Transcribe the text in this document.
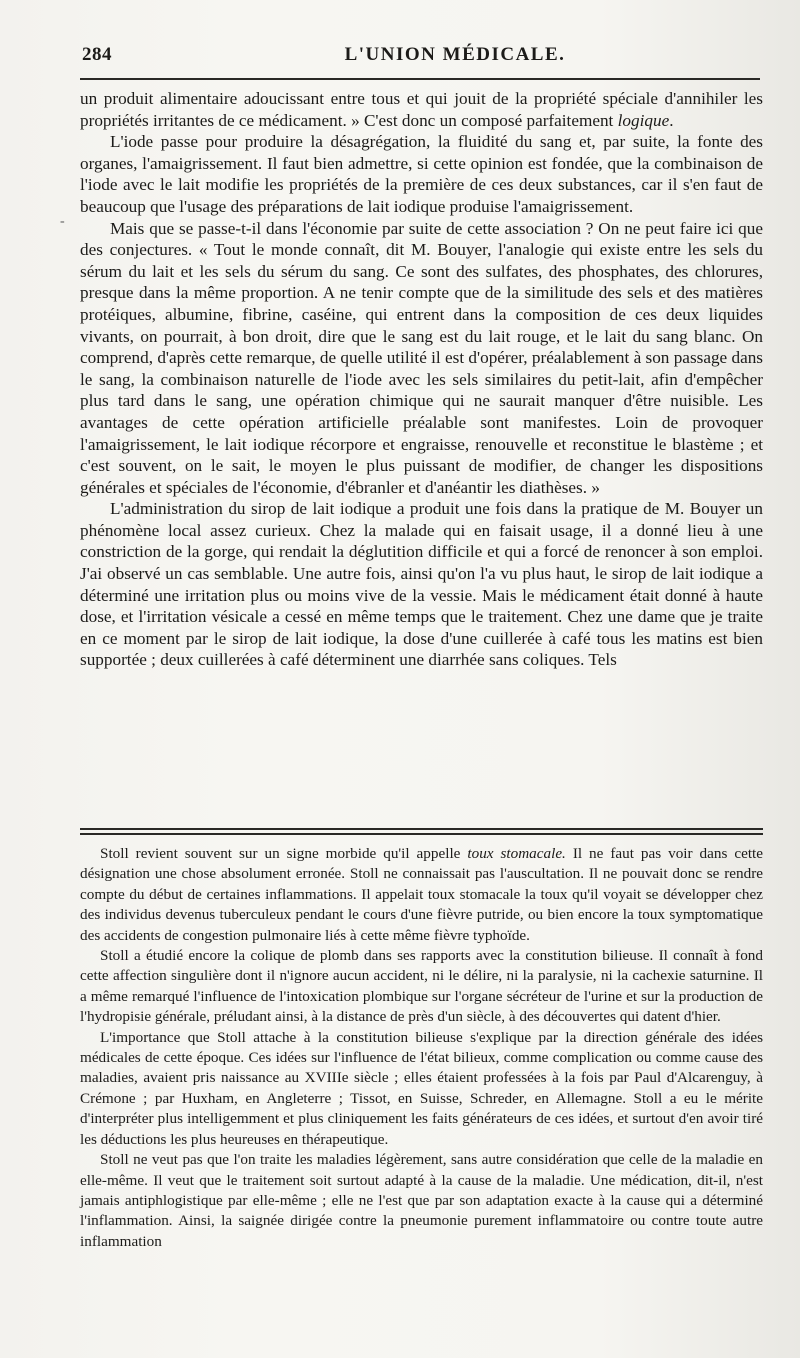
284	L'UNION MÉDICALE.
-

un produit alimentaire adoucissant entre tous et qui jouit de la propriété spéciale d'annihiler les propriétés irritantes de ce médicament. » C'est donc un composé parfaitement logique.

L'iode passe pour produire la désagrégation, la fluidité du sang et, par suite, la fonte des organes, l'amaigrissement. Il faut bien admettre, si cette opinion est fondée, que la combinaison de l'iode avec le lait modifie les propriétés de la première de ces deux substances, car il s'en faut de beaucoup que l'usage des préparations de lait iodique produise l'amaigrissement.

Mais que se passe-t-il dans l'économie par suite de cette association ? On ne peut faire ici que des conjectures. « Tout le monde connaît, dit M. Bouyer, l'analogie qui existe entre les sels du sérum du lait et les sels du sérum du sang. Ce sont des sulfates, des phosphates, des chlorures, presque dans la même proportion. A ne tenir compte que de la similitude des sels et des matières protéiques, albumine, fibrine, caséine, qui entrent dans la composition de ces deux liquides vivants, on pourrait, à bon droit, dire que le sang est du lait rouge, et le lait du sang blanc. On comprend, d'après cette remarque, de quelle utilité il est d'opérer, préalablement à son passage dans le sang, la combinaison naturelle de l'iode avec les sels similaires du petit-lait, afin d'empêcher plus tard dans le sang, une opération chimique qui ne saurait manquer d'être nuisible. Les avantages de cette opération artificielle préalable sont manifestes. Loin de provoquer l'amaigrissement, le lait iodique récorpore et engraisse, renouvelle et reconstitue le blastème ; et c'est souvent, on le sait, le moyen le plus puissant de modifier, de changer les dispositions générales et spéciales de l'économie, d'ébranler et d'anéantir les diathèses. »

L'administration du sirop de lait iodique a produit une fois dans la pratique de M. Bouyer un phénomène local assez curieux. Chez la malade qui en faisait usage, il a donné lieu à une constriction de la gorge, qui rendait la déglutition difficile et qui a forcé de renoncer à son emploi. J'ai observé un cas semblable. Une autre fois, ainsi qu'on l'a vu plus haut, le sirop de lait iodique a déterminé une irritation plus ou moins vive de la vessie. Mais le médicament était donné à haute dose, et l'irritation vésicale a cessé en même temps que le traitement. Chez une dame que je traite en ce moment par le sirop de lait iodique, la dose d'une cuillerée à café tous les matins est bien supportée ; deux cuillerées à café déterminent une diarrhée sans coliques. Tels

Stoll revient souvent sur un signe morbide qu'il appelle toux stomacale. Il ne faut pas voir dans cette désignation une chose absolument erronée. Stoll ne connaissait pas l'auscultation. Il ne pouvait donc se rendre compte du début de certaines inflammations. Il appelait toux stomacale la toux qu'il voyait se développer chez des individus devenus tuberculeux pendant le cours d'une fièvre putride, ou bien encore la toux symptomatique des accidents de congestion pulmonaire liés à cette même fièvre typhoïde.

Stoll a étudié encore la colique de plomb dans ses rapports avec la constitution bilieuse. Il connaît à fond cette affection singulière dont il n'ignore aucun accident, ni le délire, ni la paralysie, ni la cachexie saturnine. Il a même remarqué l'influence de l'intoxication plombique sur l'organe sécréteur de l'urine et sur la production de l'hydropisie générale, préludant ainsi, à la distance de près d'un siècle, à des découvertes qui datent d'hier.

L'importance que Stoll attache à la constitution bilieuse s'explique par la direction générale des idées médicales de cette époque. Ces idées sur l'influence de l'état bilieux, comme complication ou comme cause des maladies, avaient pris naissance au XVIIIe siècle ; elles étaient professées à la fois par Paul d'Alcarenguy, à Crémone ; par Huxham, en Angleterre ; Tissot, en Suisse, Schreder, en Allemagne. Stoll a eu le mérite d'interpréter plus intelligemment et plus cliniquement les faits générateurs de ces idées, et surtout d'en avoir tiré les déductions les plus heureuses en thérapeutique.

Stoll ne veut pas que l'on traite les maladies légèrement, sans autre considération que celle de la maladie en elle-même. Il veut que le traitement soit surtout adapté à la cause de la maladie. Une médication, dit-il, n'est jamais antiphlogistique par elle-même ; elle ne l'est que par son adaptation exacte à la cause qui a déterminé l'inflammation. Ainsi, la saignée dirigée contre la pneumonie purement inflammatoire ou contre toute autre inflammation
